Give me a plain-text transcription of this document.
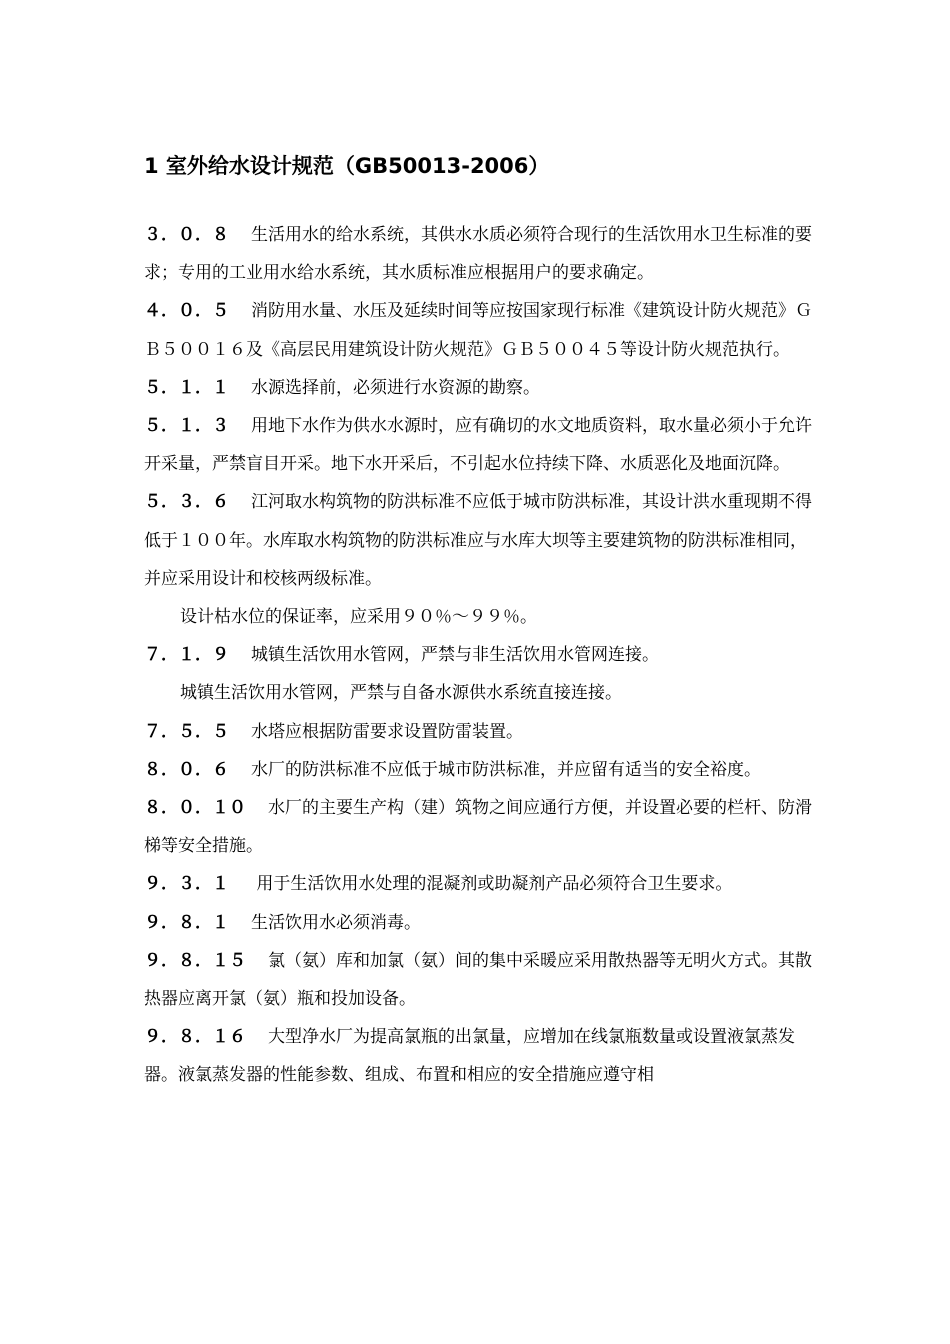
1 室外给水设计规范（GB50013-2006）

３．０．８ 生活用水的给水系统，其供水水质必须符合现行的生活饮用水卫生标准的要求；专用的工业用水给水系统，其水质标准应根据用户的要求确定。

４．０．５ 消防用水量、水压及延续时间等应按国家现行标准《建筑设计防火规范》ＧＢ５００１６及《高层民用建筑设计防火规范》ＧＢ５００４５等设计防火规范执行。

５．１．１ 水源选择前，必须进行水资源的勘察。

５．１．３ 用地下水作为供水水源时，应有确切的水文地质资料，取水量必须小于允许开采量，严禁盲目开采。地下水开采后，不引起水位持续下降、水质恶化及地面沉降。

５．３．６ 江河取水构筑物的防洪标准不应低于城市防洪标准，其设计洪水重现期不得低于１００年。水库取水构筑物的防洪标准应与水库大坝等主要建筑物的防洪标准相同，并应采用设计和校核两级标准。

设计枯水位的保证率，应采用９０％～９９％。

７．１．９ 城镇生活饮用水管网，严禁与非生活饮用水管网连接。

城镇生活饮用水管网，严禁与自备水源供水系统直接连接。

７．５．５ 水塔应根据防雷要求设置防雷装置。

８．０．６ 水厂的防洪标准不应低于城市防洪标准，并应留有适当的安全裕度。

８．０．１０ 水厂的主要生产构（建）筑物之间应通行方便，并设置必要的栏杆、防滑梯等安全措施。

９．３．１ 用于生活饮用水处理的混凝剂或助凝剂产品必须符合卫生要求。

９．８．１ 生活饮用水必须消毒。

９．８．１５ 氯（氨）库和加氯（氨）间的集中采暖应采用散热器等无明火方式。其散热器应离开氯（氨）瓶和投加设备。

９．８．１６ 大型净水厂为提高氯瓶的出氯量，应增加在线氯瓶数量或设置液氯蒸发器。液氯蒸发器的性能参数、组成、布置和相应的安全措施应遵守相
